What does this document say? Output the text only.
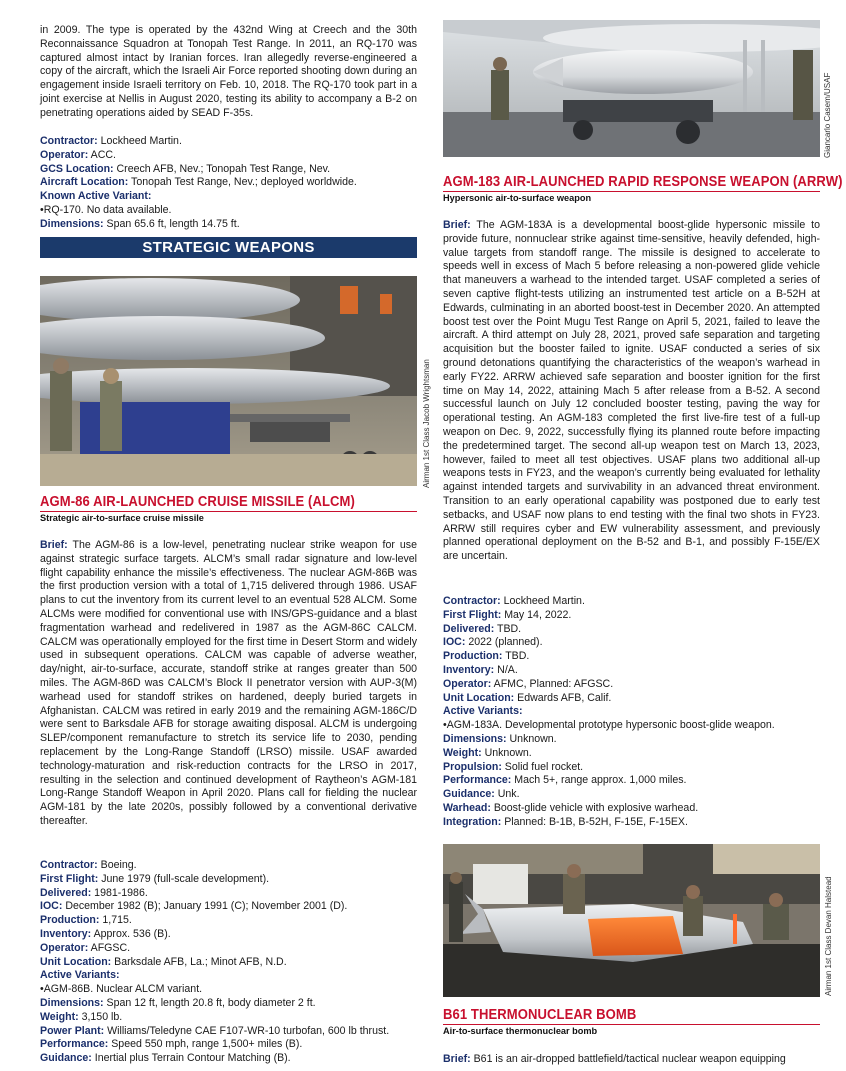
in 2009. The type is operated by the 432nd Wing at Creech and the 30th Reconnaissance Squadron at Tonopah Test Range. In 2011, an RQ-170 was captured almost intact by Iranian forces. Iran allegedly reverse-engineered a copy of the aircraft, which the Israeli Air Force reported shooting down during an engagement inside Israeli territory on Feb. 10, 2018. The RQ-170 took part in a joint exercise at Nellis in August 2020, testing its ability to accompany a B-2 on penetrating operations aided by SEAD F-35s.

Contractor: Lockheed Martin.
Operator: ACC.
GCS Location: Creech AFB, Nev.; Tonopah Test Range, Nev.
Aircraft Location: Tonopah Test Range, Nev.; deployed worldwide.
Known Active Variant:
•RQ-170. No data available.
Dimensions: Span 65.6 ft, length 14.75 ft.
STRATEGIC WEAPONS
Airman 1st Class Jacob Wrightsman
AGM-86 AIR-LAUNCHED CRUISE MISSILE (ALCM)
Strategic air-to-surface cruise missile

Brief: The AGM-86 is a low-level, penetrating nuclear strike weapon for use against strategic surface targets. ALCM’s small radar signature and low-level flight capability enhance the missile’s effectiveness. The nuclear AGM-86B was the first production version with a total of 1,715 delivered through 1986. USAF plans to cut the inventory from its current level to an eventual 528 ALCM. Some ALCMs were modified for conventional use with INS/GPS-guidance and a blast fragmentation warhead and redelivered in 1987 as the AGM-86C CALCM. CALCM was operationally employed for the first time in Desert Storm and widely used in subsequent operations. CALCM was capable of adverse weather, day/night, air-to-surface, accurate, standoff strike at ranges greater than 500 miles. The AGM-86D was CALCM’s Block II penetrator version with AUP-3(M) warhead used for standoff strikes on hardened, deeply buried targets in Afghanistan. CALCM was retired in early 2019 and the remaining AGM-186C/D were sent to Barksdale AFB for storage awaiting disposal. ALCM is undergoing SLEP/component remanufacture to stretch its service life to 2030, pending replacement by the Long-Range Standoff (LRSO) missile. USAF awarded technology-maturation and risk-reduction contracts for the LRSO in 2017, resulting in the selection and continued development of Raytheon’s AGM-181 Long-Range Standoff Weapon in April 2020. Plans call for fielding the nuclear AGM-181 by the late 2020s, possibly followed by a conventional derivative thereafter.

Contractor: Boeing.
First Flight: June 1979 (full-scale development).
Delivered: 1981-1986.
IOC: December 1982 (B); January 1991 (C); November 2001 (D).
Production: 1,715.
Inventory: Approx. 536 (B).
Operator: AFGSC.
Unit Location: Barksdale AFB, La.; Minot AFB, N.D.
Active Variants:
•AGM-86B. Nuclear ALCM variant.
Dimensions: Span 12 ft, length 20.8 ft, body diameter 2 ft.
Weight: 3,150 lb.
Power Plant: Williams/Teledyne CAE F107-WR-10 turbofan, 600 lb thrust.
Performance: Speed 550 mph, range 1,500+ miles (B).
Guidance: Inertial plus Terrain Contour Matching (B).
Giancarlo Casem/USAF
AGM-183 AIR-LAUNCHED RAPID RESPONSE WEAPON (ARRW)
Hypersonic air-to-surface weapon

Brief: The AGM-183A is a developmental boost-glide hypersonic missile to provide future, nonnuclear strike against time-sensitive, heavily defended, high-value targets from standoff range. The missile is designed to accelerate to speeds well in excess of Mach 5 before releasing a non-powered glide vehicle that maneuvers a warhead to the intended target. USAF completed a series of seven captive flight-tests utilizing an instrumented test article on a B-52H at Edwards, culminating in an aborted boost-test in December 2020. An attempted boost test over the Point Mugu Test Range on April 5, 2021, failed to leave the aircraft. A third attempt on July 28, 2021, proved safe separation and targeting acquisition but the booster failed to ignite. USAF conducted a series of six ground detonations quantifying the characteristics of the weapon’s warhead in early FY22. ARRW achieved safe separation and booster ignition for the first time on May 14, 2022, attaining Mach 5 after release from a B-52. A second successful launch on July 12 concluded booster testing, paving the way for operational testing. An AGM-183 completed the first live-fire test of a full-up weapon on Dec. 9, 2022, successfully flying its planned route before impacting the predetermined target. The second all-up weapon test on March 13, 2023, however, failed to meet all test objectives. USAF plans two additional all-up weapons tests in FY23, and the weapon’s currently being evaluated for lethality against intended targets and survivability in an advanced threat environment. Transition to an early operational capability was postponed due to early test setbacks, and USAF now plans to end testing with the final two shots in FY23. ARRW still requires cyber and EW vulnerability assessment, and previously planned operational deployment on the B-52 and B-1, and possibly F-15E/EX are uncertain.

Contractor: Lockheed Martin.
First Flight: May 14, 2022.
Delivered: TBD.
IOC: 2022 (planned).
Production: TBD.
Inventory: N/A.
Operator: AFMC, Planned: AFGSC.
Unit Location: Edwards AFB, Calif.
Active Variants:
•AGM-183A. Developmental prototype hypersonic boost-glide weapon.
Dimensions: Unknown.
Weight: Unknown.
Propulsion: Solid fuel rocket.
Performance: Mach 5+, range approx. 1,000 miles.
Guidance: Unk.
Warhead: Boost-glide vehicle with explosive warhead.
Integration: Planned: B-1B, B-52H, F-15E, F-15EX.
Airman 1st Class Devan Halstead
B61 THERMONUCLEAR BOMB
Air-to-surface thermonuclear bomb

Brief: B61 is an air-dropped battlefield/tactical nuclear weapon equipping
